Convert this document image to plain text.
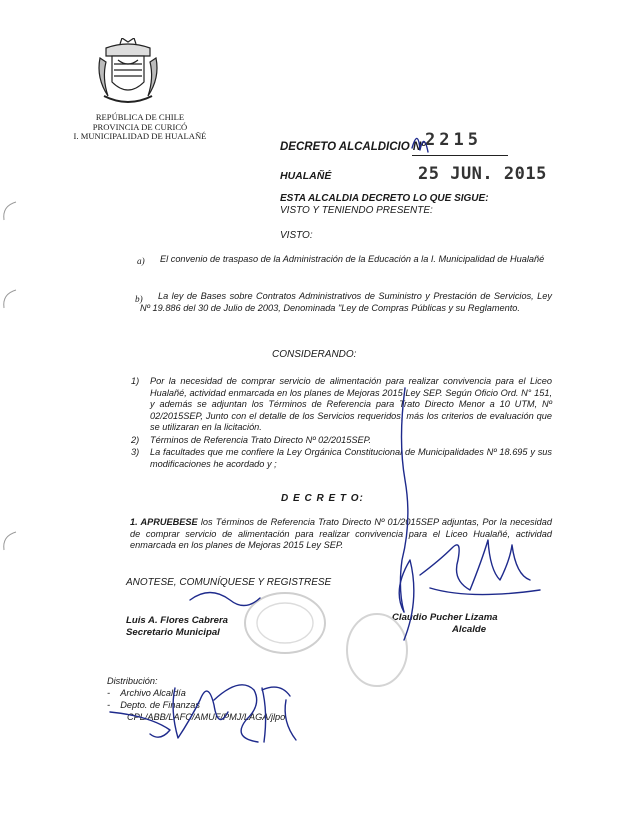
REPÚBLICA DE CHILE
PROVINCIA DE CURICÓ
I. MUNICIPALIDAD DE HUALAÑÉ
DECRETO ALCALDICIO Nº 2215
HUALAÑÉ	25 JUN. 2015
ESTA ALCALDIA DECRETO LO QUE SIGUE:
VISTO Y TENIENDO PRESENTE:
VISTO:
a) El convenio de traspaso de la Administración de la Educación a la I. Municipalidad de Hualañé
b)	La ley de Bases sobre Contratos Administrativos de Suministro y Prestación de Servicios, Ley Nº 19.886 del 30 de Julio de 2003, Denominada "Ley de Compras Públicas y su Reglamento.
CONSIDERANDO:
1) Por la necesidad de comprar servicio de alimentación para realizar convivencia para el Liceo Hualañé, actividad enmarcada en los planes de Mejoras 2015 Ley SEP. Según Oficio Ord. N° 151, y además se adjuntan los Términos de Referencia para Trato Directo Menor a 10 UTM, Nº 02/2015SEP, Junto con el detalle de los Servicios requeridos, más los criterios de evaluación que se utilizaran en la licitación.
2) Términos de Referencia Trato Directo Nº 02/2015SEP.
3) La facultades que me confiere la Ley Orgánica Constitucional de Municipalidades Nº 18.695 y sus modificaciones he acordado y ;
D E C R E T O:
1. APRUEBESE los Términos de Referencia Trato Directo Nº 01/2015SEP adjuntas, Por la necesidad de comprar servicio de alimentación para realizar convivencia para el Liceo Hualañé, actividad enmarcada en los planes de Mejoras 2015 Ley SEP.
ANOTESE, COMUNÍQUESE Y REGISTRESE
Luis A. Flores Cabrera
Secretario Municipal
Claudio Pucher Lizama
Alcalde
Distribución:
-    Archivo Alcaldía
-    Depto. de Finanzas
CPL/ABB/LAFC/AMUF/PMJ/LAGA/jlpo
